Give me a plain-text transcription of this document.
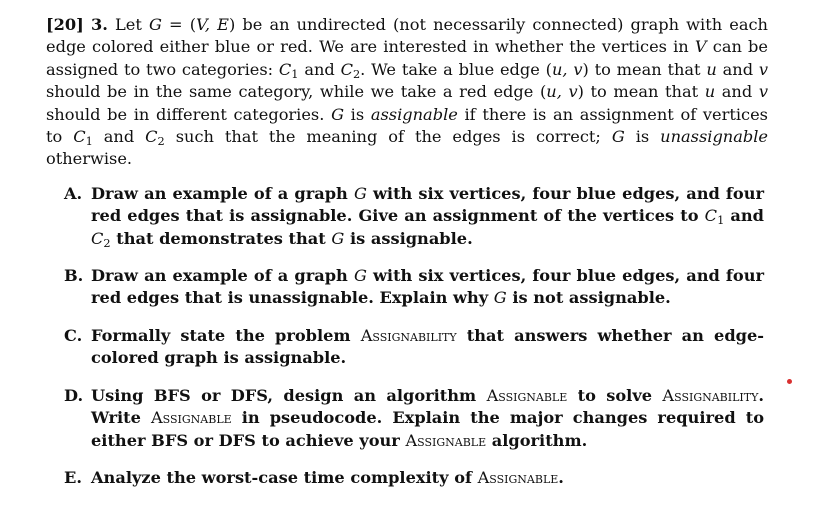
[20] 3. Let G = (V, E) be an undirected (not necessarily connected) graph with each edge colored either blue or red. We are interested in whether the vertices in V can be assigned to two categories: $C_1$ and $C_2$. We take a blue edge (u, v) to mean that u and v should be in the same category, while we take a red edge (u, v) to mean that u and v should be in different categories. G is assignable if there is an assignment of vertices to $C_1$ and $C_2$ such that the meaning of the edges is correct; G is unassignable otherwise.

A. Draw an example of a graph G with six vertices, four blue edges, and four red edges that is assignable. Give an assignment of the vertices to $C_1$ and $C_2$ that demonstrates that G is assignable.
B. Draw an example of a graph G with six vertices, four blue edges, and four red edges that is unassignable. Explain why G is not assignable.
C. Formally state the problem Assignability that answers whether an edge-colored graph is assignable.
D. Using BFS or DFS, design an algorithm Assignable to solve Assignability. Write Assignable in pseudocode. Explain the major changes required to either BFS or DFS to achieve your Assignable algorithm.
E. Analyze the worst-case time complexity of Assignable.
